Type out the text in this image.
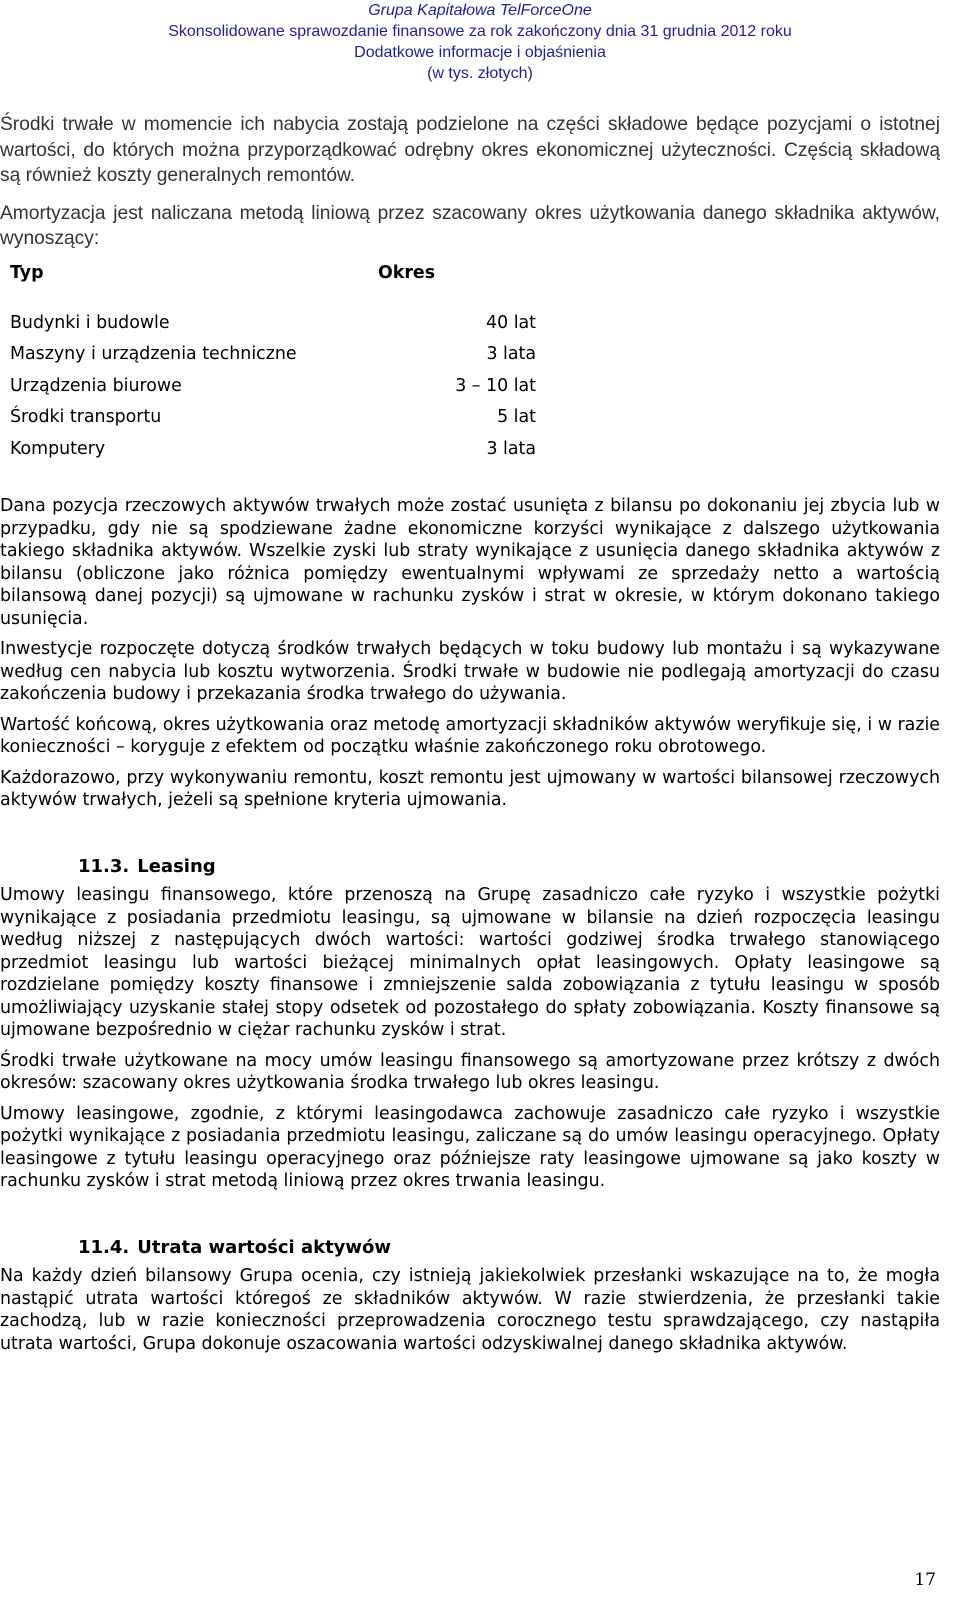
Grupa Kapitałowa TelForceOne
Skonsolidowane sprawozdanie finansowe za rok zakończony dnia 31 grudnia 2012 roku
Dodatkowe informacje i objaśnienia
(w tys. złotych)

Środki trwałe w momencie ich nabycia zostają podzielone na części składowe będące pozycjami o istotnej wartości, do których można przyporządkować odrębny okres ekonomicznej użyteczności. Częścią składową są również koszty generalnych remontów.

Amortyzacja jest naliczana metodą liniową przez szacowany okres użytkowania danego składnika aktywów, wynoszący:

Typ	Okres
Budynki i budowle	40 lat
Maszyny i urządzenia techniczne	3 lata
Urządzenia biurowe	3 – 10 lat
Środki transportu	5 lat
Komputery	3 lata

Dana pozycja rzeczowych aktywów trwałych może zostać usunięta z bilansu po dokonaniu jej zbycia lub w przypadku, gdy nie są spodziewane żadne ekonomiczne korzyści wynikające z dalszego użytkowania takiego składnika aktywów. Wszelkie zyski lub straty wynikające z usunięcia danego składnika aktywów z bilansu (obliczone jako różnica pomiędzy ewentualnymi wpływami ze sprzedaży netto a wartością bilansową danej pozycji) są ujmowane w rachunku zysków i strat w okresie, w którym dokonano takiego usunięcia.

Inwestycje rozpoczęte dotyczą środków trwałych będących w toku budowy lub montażu i są wykazywane według cen nabycia lub kosztu wytworzenia. Środki trwałe w budowie nie podlegają amortyzacji do czasu zakończenia budowy i przekazania środka trwałego do używania.

Wartość końcową, okres użytkowania oraz metodę amortyzacji składników aktywów weryfikuje się, i w razie konieczności – koryguje z efektem od początku właśnie zakończonego roku obrotowego.

Każdorazowo, przy wykonywaniu remontu, koszt remontu jest ujmowany w wartości bilansowej rzeczowych aktywów trwałych, jeżeli są spełnione kryteria ujmowania.

11.3. Leasing

Umowy leasingu finansowego, które przenoszą na Grupę zasadniczo całe ryzyko i wszystkie pożytki wynikające z posiadania przedmiotu leasingu, są ujmowane w bilansie na dzień rozpoczęcia leasingu według niższej z następujących dwóch wartości: wartości godziwej środka trwałego stanowiącego przedmiot leasingu lub wartości bieżącej minimalnych opłat leasingowych. Opłaty leasingowe są rozdzielane pomiędzy koszty finansowe i zmniejszenie salda zobowiązania z tytułu leasingu w sposób umożliwiający uzyskanie stałej stopy odsetek od pozostałego do spłaty zobowiązania. Koszty finansowe są ujmowane bezpośrednio w ciężar rachunku zysków i strat.

Środki trwałe użytkowane na mocy umów leasingu finansowego są amortyzowane przez krótszy z dwóch okresów: szacowany okres użytkowania środka trwałego lub okres leasingu.

Umowy leasingowe, zgodnie, z którymi leasingodawca zachowuje zasadniczo całe ryzyko i wszystkie pożytki wynikające z posiadania przedmiotu leasingu, zaliczane są do umów leasingu operacyjnego. Opłaty leasingowe z tytułu leasingu operacyjnego oraz późniejsze raty leasingowe ujmowane są jako koszty w rachunku zysków i strat metodą liniową przez okres trwania leasingu.

11.4. Utrata wartości aktywów

Na każdy dzień bilansowy Grupa ocenia, czy istnieją jakiekolwiek przesłanki wskazujące na to, że mogła nastąpić utrata wartości któregoś ze składników aktywów. W razie stwierdzenia, że przesłanki takie zachodzą, lub w razie konieczności przeprowadzenia corocznego testu sprawdzającego, czy nastąpiła utrata wartości, Grupa dokonuje oszacowania wartości odzyskiwalnej danego składnika aktywów.

17
